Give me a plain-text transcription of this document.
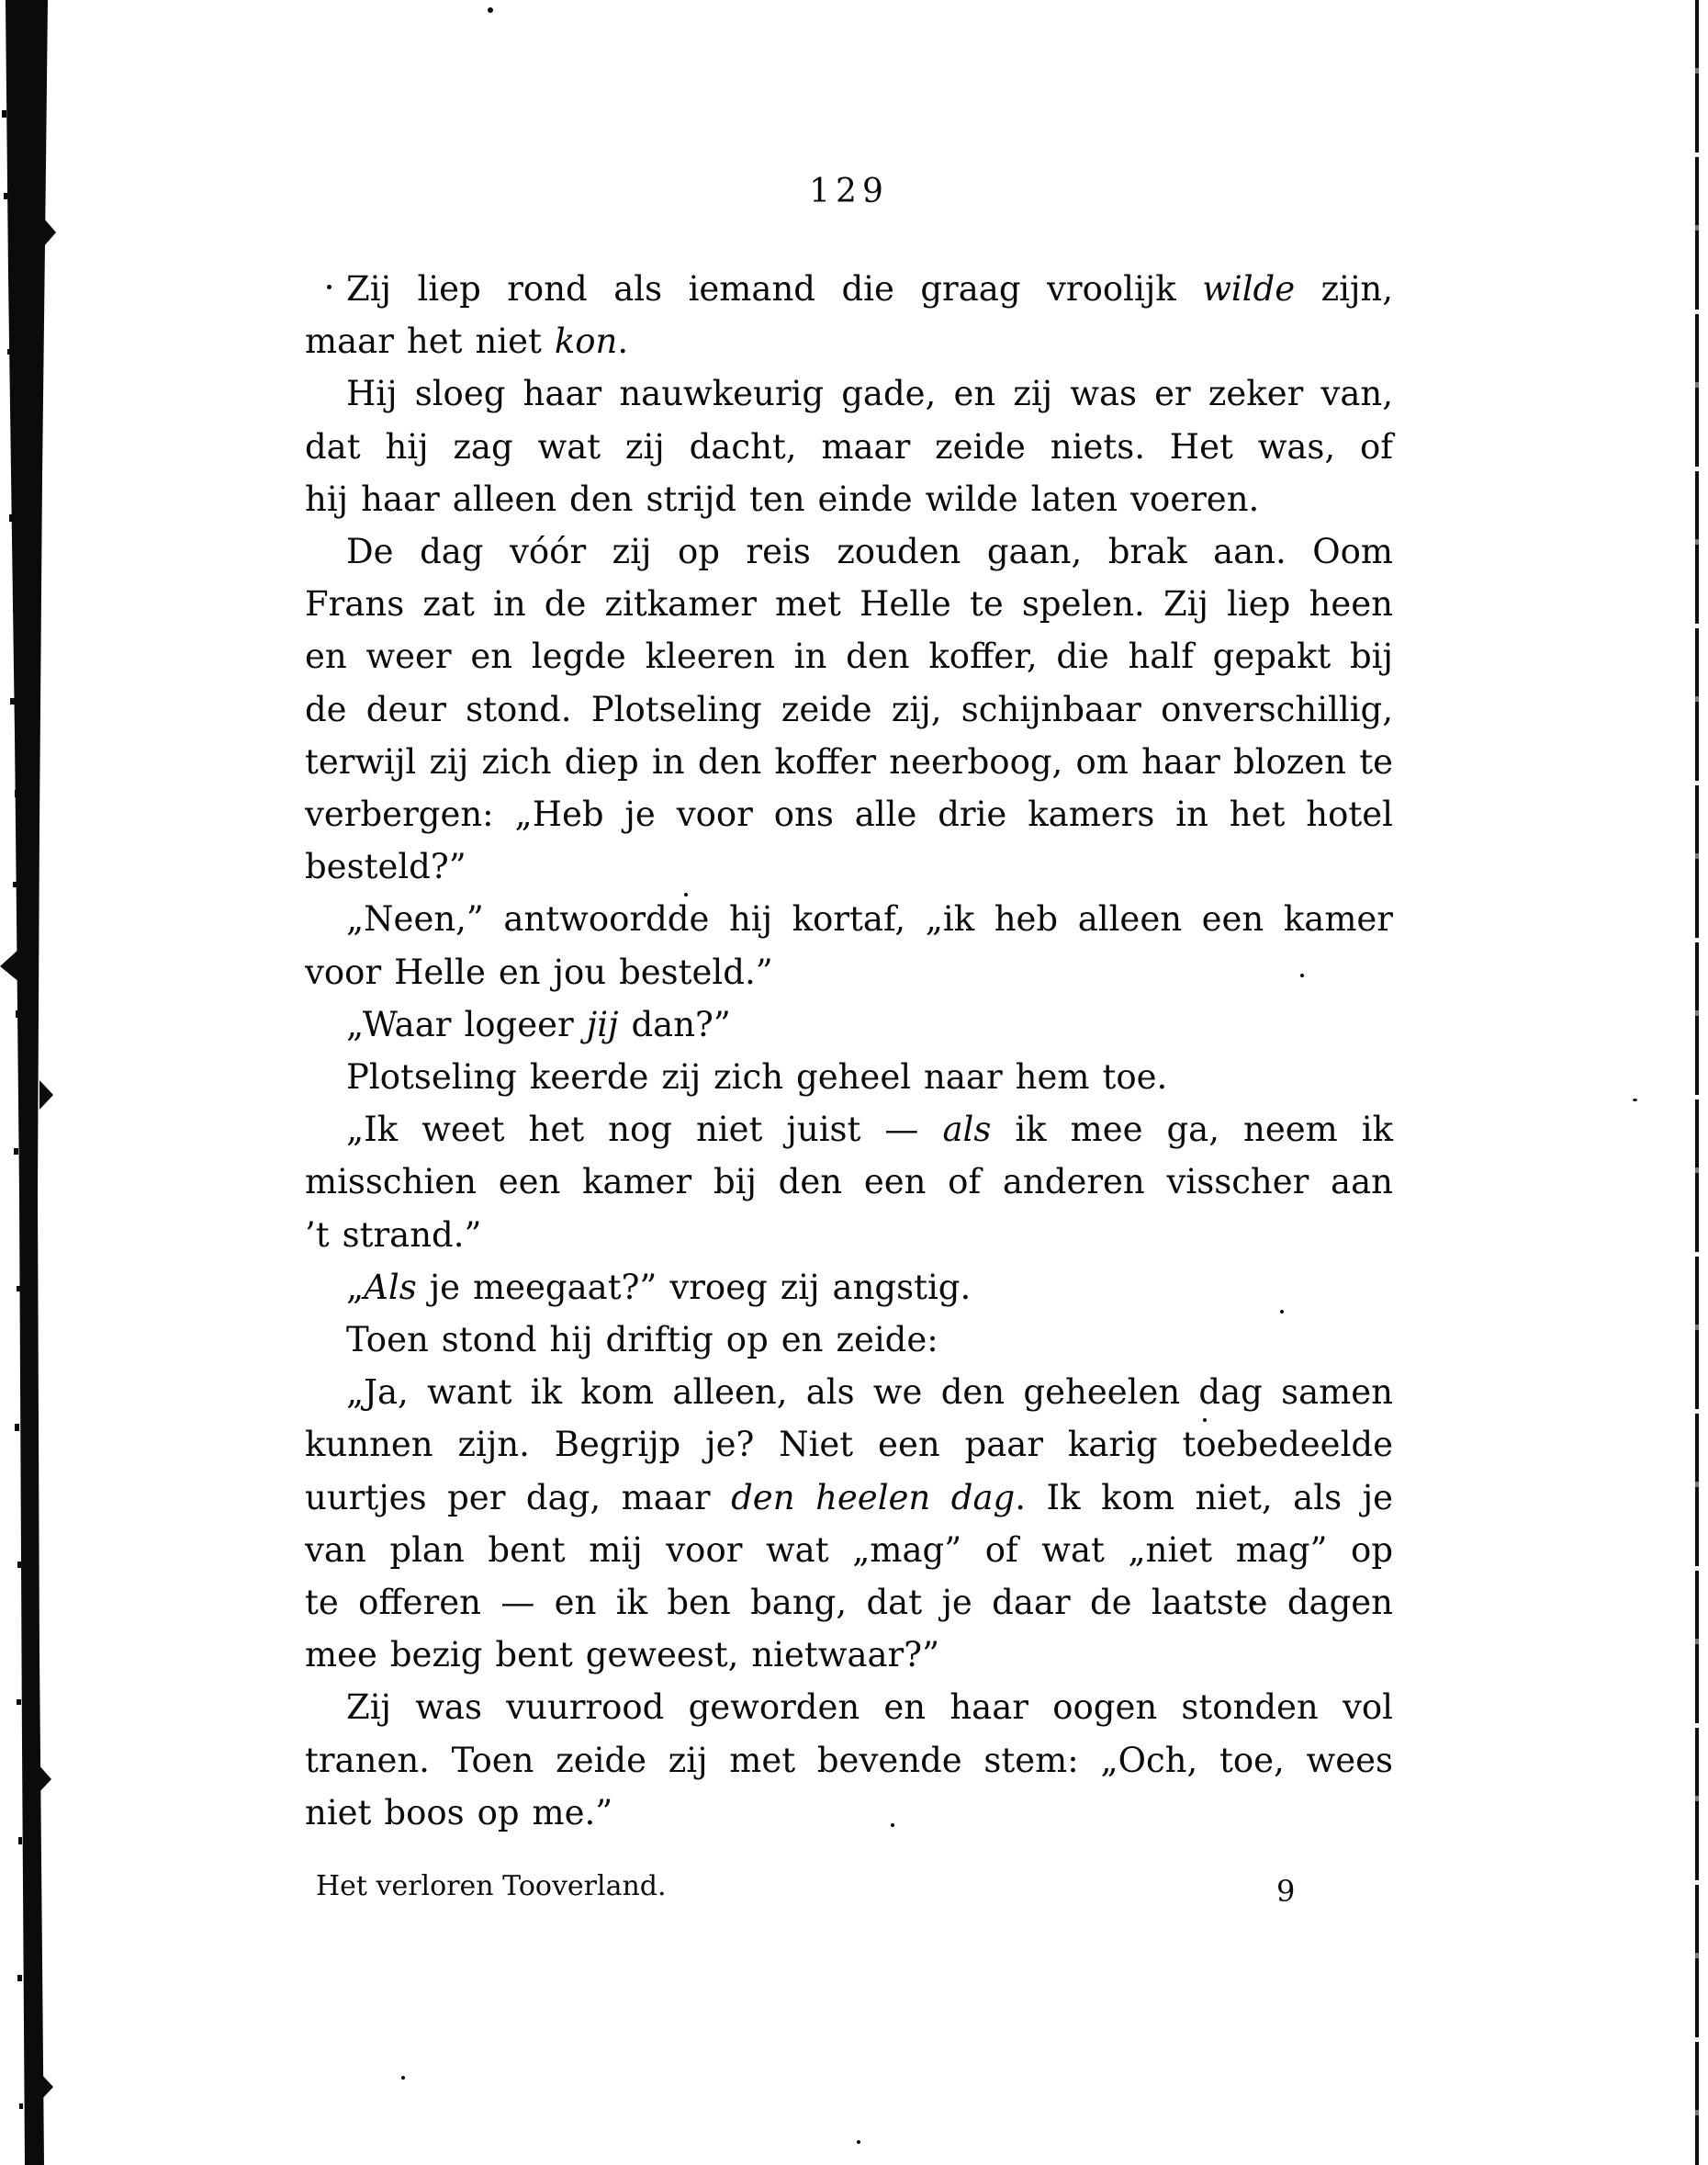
129
Zij liep rond als iemand die graag vroolijk wilde zijn,
maar het niet kon.
Hij sloeg haar nauwkeurig gade, en zij was er zeker van,
dat hij zag wat zij dacht, maar zeide niets. Het was, of
hij haar alleen den strijd ten einde wilde laten voeren.
De dag vóór zij op reis zouden gaan, brak aan. Oom
Frans zat in de zitkamer met Helle te spelen. Zij liep heen
en weer en legde kleeren in den koffer, die half gepakt bij
de deur stond. Plotseling zeide zij, schijnbaar onverschillig,
terwijl zij zich diep in den koffer neerboog, om haar blozen te
verbergen: „Heb je voor ons alle drie kamers in het hotel
besteld?”
„Neen,” antwoordde hij kortaf, „ik heb alleen een kamer
voor Helle en jou besteld.”
„Waar logeer jij dan?”
Plotseling keerde zij zich geheel naar hem toe.
„Ik weet het nog niet juist — als ik mee ga, neem ik
misschien een kamer bij den een of anderen visscher aan
’t strand.”
„Als je meegaat?” vroeg zij angstig.
Toen stond hij driftig op en zeide:
„Ja, want ik kom alleen, als we den geheelen dag samen
kunnen zijn. Begrijp je? Niet een paar karig toebedeelde
uurtjes per dag, maar den heelen dag. Ik kom niet, als je
van plan bent mij voor wat „mag” of wat „niet mag” op
te offeren — en ik ben bang, dat je daar de laatste dagen
mee bezig bent geweest, nietwaar?”
Zij was vuurrood geworden en haar oogen stonden vol
tranen. Toen zeide zij met bevende stem: „Och, toe, wees
niet boos op me.”
Het verloren Tooverland.	9
